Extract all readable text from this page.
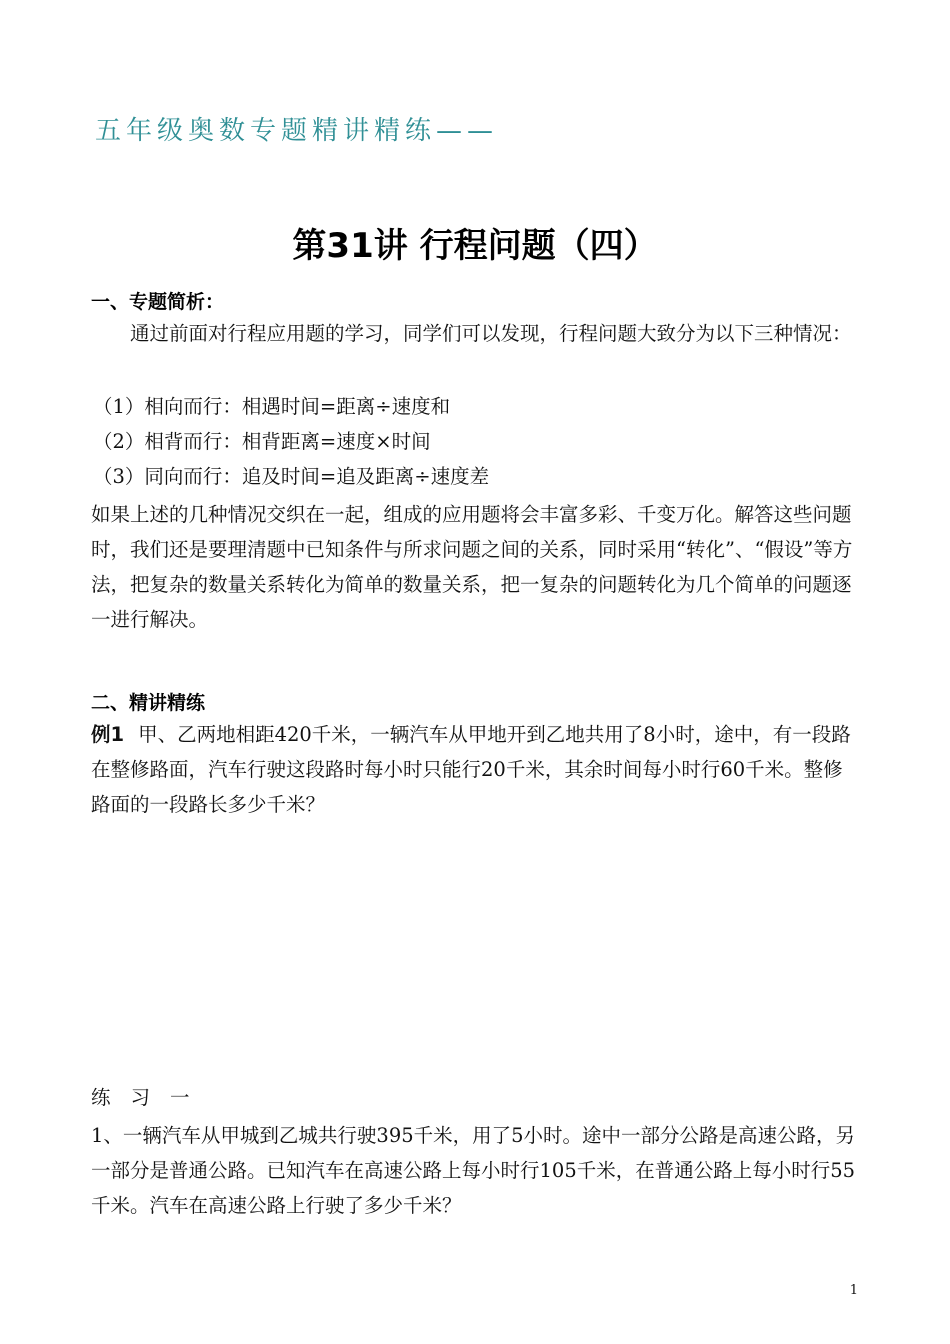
五年级奥数专题精讲精练——
第31讲 行程问题（四）
一、专题简析：
通过前面对行程应用题的学习，同学们可以发现，行程问题大致分为以下三种情况：
（1）相向而行：相遇时间=距离÷速度和
（2）相背而行：相背距离=速度×时间
（3）同向而行：追及时间=追及距离÷速度差
如果上述的几种情况交织在一起，组成的应用题将会丰富多彩、千变万化。解答这些问题时，我们还是要理清题中已知条件与所求问题之间的关系，同时采用“转化”、“假设”等方法，把复杂的数量关系转化为简单的数量关系，把一复杂的问题转化为几个简单的问题逐一进行解决。
二、精讲精练
例1 甲、乙两地相距420千米，一辆汽车从甲地开到乙地共用了8小时，途中，有一段路在整修路面，汽车行驶这段路时每小时只能行20千米，其余时间每小时行60千米。整修路面的一段路长多少千米？
练习一
1、一辆汽车从甲城到乙城共行驶395千米，用了5小时。途中一部分公路是高速公路，另一部分是普通公路。已知汽车在高速公路上每小时行105千米，在普通公路上每小时行55千米。汽车在高速公路上行驶了多少千米？
1
